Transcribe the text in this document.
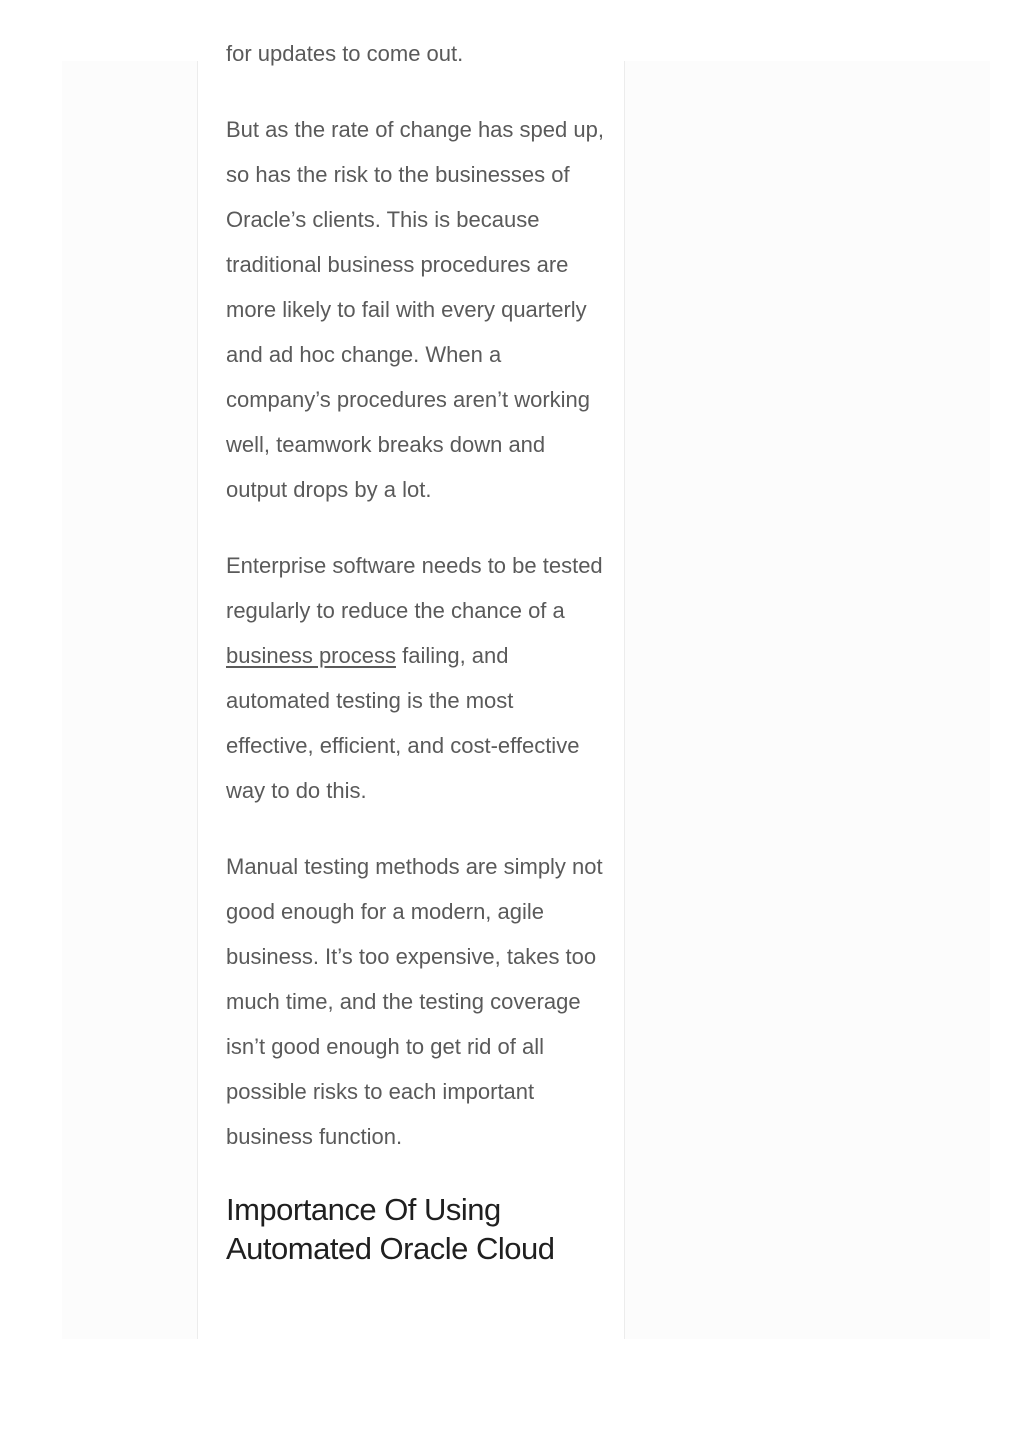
for updates to come out.

But as the rate of change has sped up, so has the risk to the businesses of Oracle’s clients. This is because traditional business procedures are more likely to fail with every quarterly and ad hoc change. When a company’s procedures aren’t working well, teamwork breaks down and output drops by a lot.

Enterprise software needs to be tested regularly to reduce the chance of a business process failing, and automated testing is the most effective, efficient, and cost-effective way to do this.

Manual testing methods are simply not good enough for a modern, agile business. It’s too expensive, takes too much time, and the testing coverage isn’t good enough to get rid of all possible risks to each important business function.

Importance Of Using Automated Oracle Cloud
